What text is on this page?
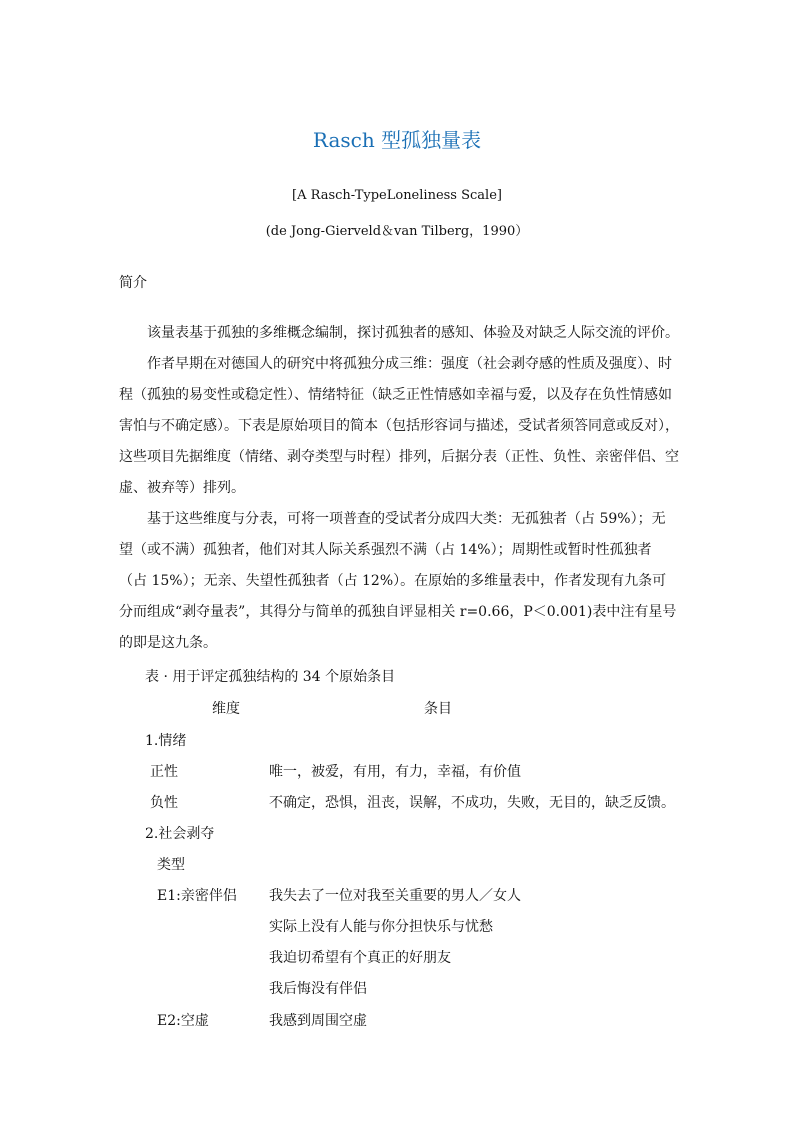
Rasch 型孤独量表
[A Rasch-TypeLoneliness Scale]
(de Jong-Gierveld＆van Tilberg，1990）
简介
　　该量表基于孤独的多维概念编制，探讨孤独者的感知、体验及对缺乏人际交流的评价。
　　作者早期在对德国人的研究中将孤独分成三维：强度（社会剥夺感的性质及强度）、时程（孤独的易变性或稳定性）、情绪特征（缺乏正性情感如幸福与爱，以及存在负性情感如害怕与不确定感）。下表是原始项目的简本（包括形容词与描述，受试者须答同意或反对），这些项目先据维度（情绪、剥夺类型与时程）排列，后据分表（正性、负性、亲密伴侣、空虚、被弃等）排列。
　　基于这些维度与分表，可将一项普查的受试者分成四大类：无孤独者（占 59%）；无望（或不满）孤独者，他们对其人际关系强烈不满（占 14%）；周期性或暂时性孤独者（占 15%）；无亲、失望性孤独者（占 12%）。在原始的多维量表中，作者发现有九条可分而组成“剥夺量表”，其得分与简单的孤独自评显相关 r=0.66，P＜0.001)表中注有星号的即是这九条。
表 · 用于评定孤独结构的 34 个原始条目
维度	条目
1.情绪
正性	唯一，被爱，有用，有力，幸福，有价值
负性	不确定，恐惧，沮丧，误解，不成功，失败，无目的，缺乏反馈。
2.社会剥夺
类型
E1:亲密伴侣 我失去了一位对我至关重要的男人／女人
实际上没有人能与你分担快乐与忧愁
我迫切希望有个真正的好朋友
我后悔没有伴侣
E2:空虚	我感到周围空虚
